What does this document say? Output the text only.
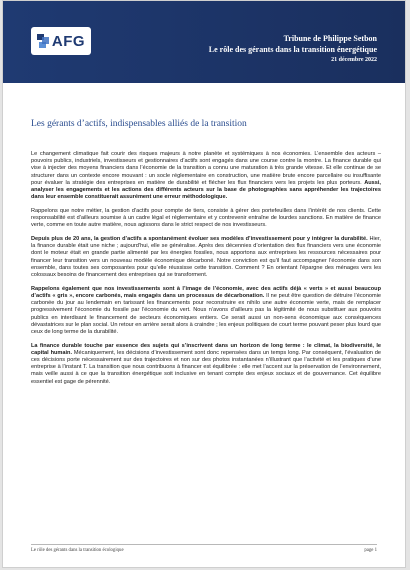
AFG	Tribune de Philippe Setbon
Le rôle des gérants dans la transition énergétique
21 décembre 2022
Les gérants d’actifs, indispensables alliés de la transition

Le changement climatique fait courir des risques majeurs à notre planète et systémiques à nos économies. L’ensemble des acteurs – pouvoirs publics, industriels, investisseurs et gestionnaires d’actifs sont engagés dans une course contre la montre. La finance durable qui vise à injecter des moyens financiers dans l’économie de la transition a connu une maturation à très grande vitesse. Et elle continue de se structurer dans un contexte encore mouvant : un socle réglementaire en construction, une matière brute encore parcellaire ou insuffisante pour évaluer la stratégie des entreprises en matière de durabilité et flécher les flux financiers vers les projets les plus porteurs. Aussi, analyser les engagements et les actions des différents acteurs sur la base de photographies sans appréhender les trajectoires dans leur ensemble constituerait assurément une erreur méthodologique.

Rappelons que notre métier, la gestion d’actifs pour compte de tiers, consiste à gérer des portefeuilles dans l’intérêt de nos clients. Cette responsabilité est d’ailleurs soumise à un cadre légal et réglementaire et y contrevenir entraîne de lourdes sanctions. En matière de finance verte, comme en toute autre matière, nous agissons dans le strict respect de nos investisseurs.

Depuis plus de 20 ans, la gestion d’actifs a spontanément évoluer ses modèles d’investissement pour y intégrer la durabilité. Hier, la finance durable était une niche ; aujourd’hui, elle se généralise. Après des décennies d’orientation des flux financiers vers une économie dont le moteur était en grande partie alimenté par les énergies fossiles, nous apportons aux entreprises les ressources nécessaires pour financer leur transition vers un nouveau modèle économique décarboné. Notre conviction est qu’il faut accompagner l’économie dans son ensemble, dans toutes ses composantes pour qu’elle réussisse cette transition. Comment ? En orientant l’épargne des ménages vers les colossaux besoins de financement des entreprises qui se transforment.

Rappelons également que nos investissements sont à l’image de l’économie, avec des actifs déjà « verts » et aussi beaucoup d’actifs « gris », encore carbonés, mais engagés dans un processus de décarbonation. Il ne peut être question de détruire l’économie carbonée du jour au lendemain en tarissant les financements pour reconstruire ex nihilo une autre économie verte, mais de remplacer progressivement l’économie du fossile par l’économie du vert. Nous n’avons d’ailleurs pas la légitimité de nous substituer aux pouvoirs publics en interdisant le financement de secteurs économiques entiers. Ce serait aussi un non-sens économique aux conséquences dévastatrices sur le plan social. Un retour en arrière serait alors à craindre ; les enjeux politiques de court terme pouvant peser plus lourd que ceux de long terme de la durabilité.

La finance durable touche par essence des sujets qui s’inscrivent dans un horizon de long terme : le climat, la biodiversité, le capital humain. Mécaniquement, les décisions d’investissement sont donc repensées dans un temps long. Par conséquent, l’évaluation de ces décisions porte nécessairement sur des trajectoires et non sur des photos instantanées n’illustrant que l’activité et les pratiques d’une entreprise à l’instant T. La transition que nous contribuons à financer est équilibrée : elle met l’accent sur la préservation de l’environnement, mais veille aussi à ce que la transition énergétique soit inclusive en tenant compte des enjeux sociaux et de gouvernance. Cet équilibre essentiel est gage de pérennité.

Le rôle des gérants dans la transition écologique	page 1
